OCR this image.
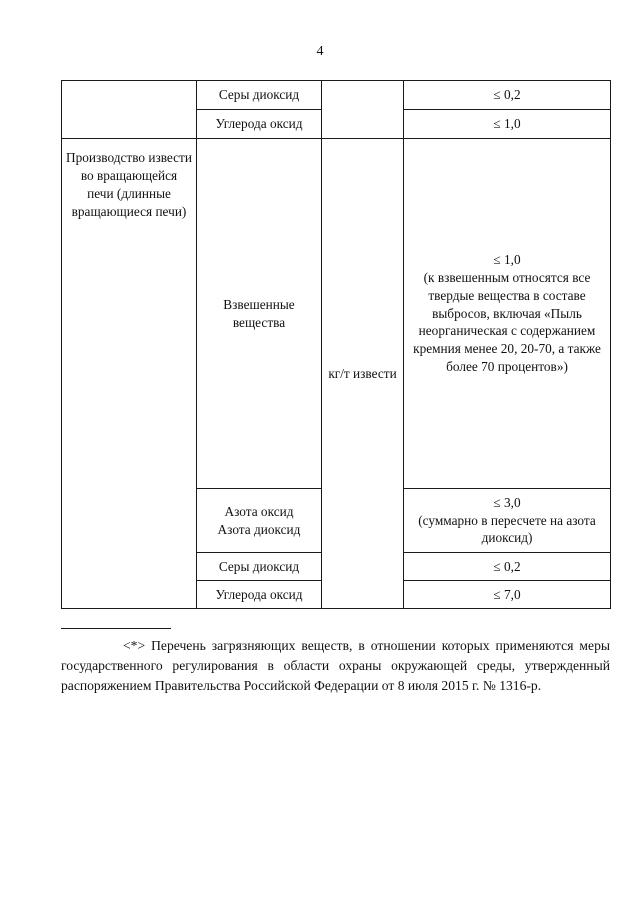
4
	Серы диоксид		≤ 0,2
	Углерода оксид		≤ 1,0
Производство извести во вращающейся печи (длинные вращающиеся печи)	Взвешенные вещества	кг/т извести	≤ 1,0
(к взвешенным относятся все твердые вещества в составе выбросов, включая «Пыль неорганическая с содержанием кремния менее 20, 20-70, а также более 70 процентов»)

	Азота оксид Азота диоксид		≤ 3,0
(суммарно в пересчете на азота диоксид)

	Серы диоксид		≤ 0,2
	Углерода оксид		≤ 7,0
<*> Перечень загрязняющих веществ, в отношении которых применяются меры государственного регулирования в области охраны окружающей среды, утвержденный распоряжением Правительства Российской Федерации от 8 июля 2015 г. № 1316-р.
